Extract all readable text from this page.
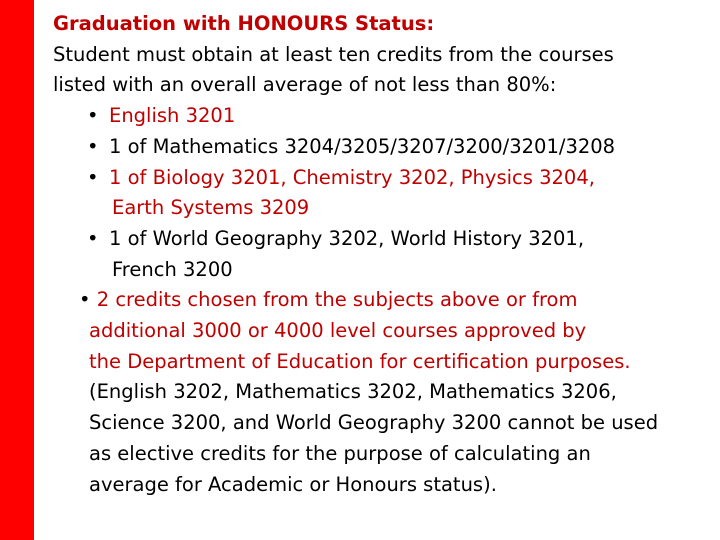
Graduation with HONOURS Status:
Student must obtain at least ten credits from the courses
listed with an overall average of not less than 80%:
• English 3201
• 1 of Mathematics 3204/3205/3207/3200/3201/3208
• 1 of Biology 3201, Chemistry 3202, Physics 3204,
Earth Systems 3209
• 1 of World Geography 3202, World History 3201,
French 3200
• 2 credits chosen from the subjects above or from
additional 3000 or 4000 level courses approved by
the Department of Education for certification purposes.
(English 3202, Mathematics 3202, Mathematics 3206,
Science 3200, and World Geography 3200 cannot be used
as elective credits for the purpose of calculating an
average for Academic or Honours status).
